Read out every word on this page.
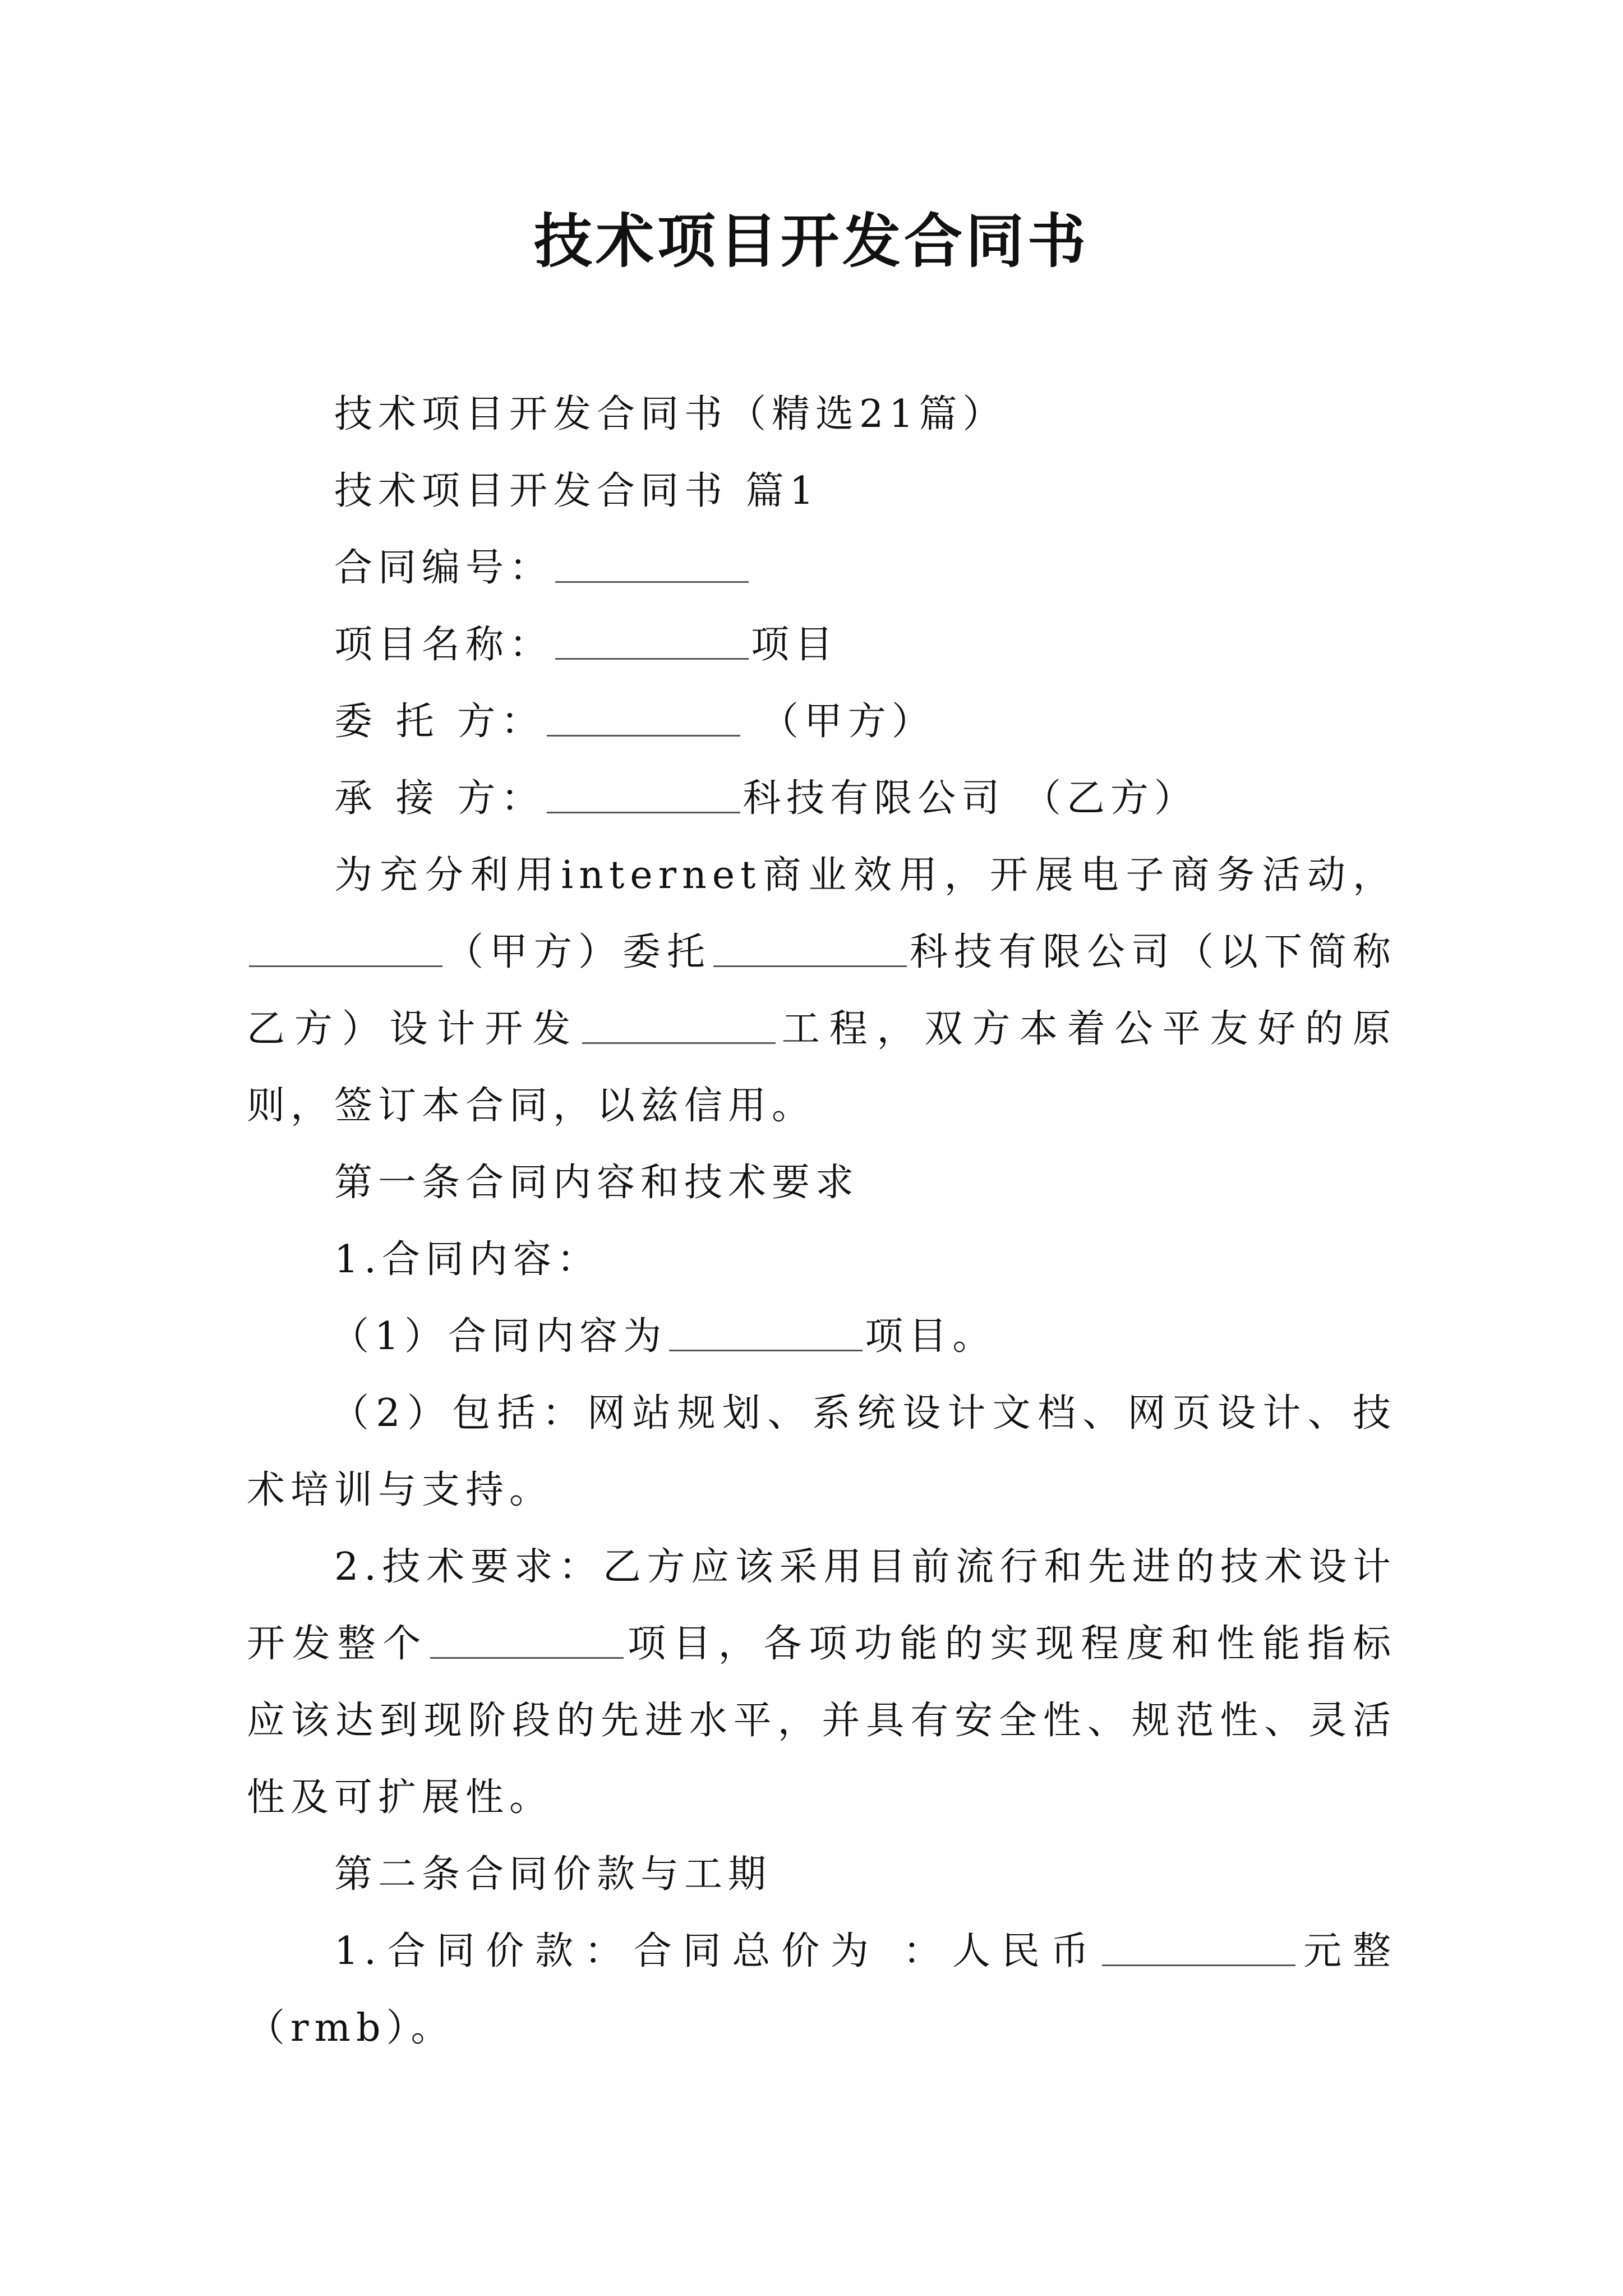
技术项目开发合同书

技术项目开发合同书（精选21篇）

技术项目开发合同书 篇1

合同编号：

项目名称：	项目

委 托 方：	（甲方）

承 接 方：	科技有限公司 （乙方）

为充分利用internet商业效用，开展电子商务活动，（甲方）委托	科技有限公司（以下简称乙方）设计开发	工程，双方本着公平友好的原则，签订本合同，以兹信用。

第一条合同内容和技术要求

1.合同内容：

（1）合同内容为	项目。

（2）包括：网站规划、系统设计文档、网页设计、技术培训与支持。

2.技术要求：乙方应该采用目前流行和先进的技术设计开发整个	项目，各项功能的实现程度和性能指标应该达到现阶段的先进水平，并具有安全性、规范性、灵活性及可扩展性。

第二条合同价款与工期

1.合同价款：合同总价为 ：人民币	元整（rmb）。
